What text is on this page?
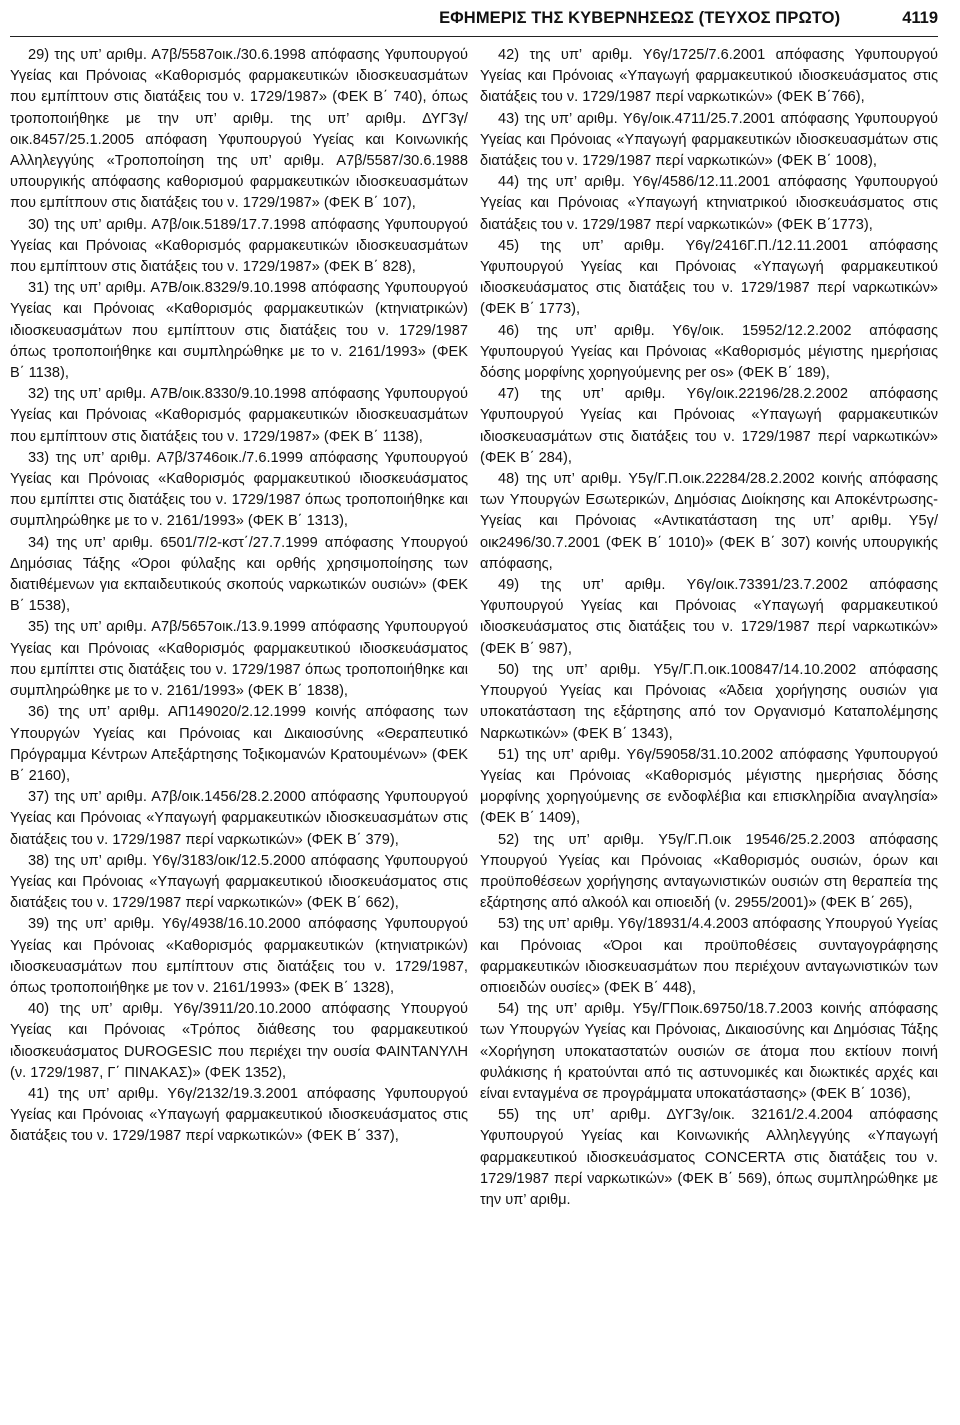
ΕΦΗΜΕΡΙΣ ΤΗΣ ΚΥΒΕΡΝΗΣΕΩΣ (ΤΕΥΧΟΣ ΠΡΩΤΟ)	4119

29) της υπ’ αριθμ. Α7β/5587οικ./30.6.1998 απόφασης Υφυπουργού Υγείας και Πρόνοιας «Καθορισμός φαρμακευτικών ιδιοσκευασμάτων που εμπίπτουν στις διατάξεις του ν. 1729/1987» (ΦΕΚ Β΄ 740), όπως τροποποιήθηκε με την υπ’ αριθμ. της υπ’ αριθμ. ΔΥΓ3γ/οικ.8457/25.1.2005 απόφαση Υφυπουργού Υγείας και Κοινωνικής Αλληλεγγύης «Τροποποίηση της υπ’ αριθμ. Α7β/5587/30.6.1988 υπουργικής απόφασης καθορισμού φαρμακευτικών ιδιοσκευασμάτων που εμπίτπουν στις διατάξεις του ν. 1729/1987» (ΦΕΚ Β΄ 107),

30) της υπ’ αριθμ. Α7β/οικ.5189/17.7.1998 απόφασης Υφυπουργού Υγείας και Πρόνοιας «Καθορισμός φαρμακευτικών ιδιοσκευασμάτων που εμπίπτουν στις διατάξεις του ν. 1729/1987» (ΦΕΚ Β΄ 828),

31) της υπ’ αριθμ. Α7Β/οικ.8329/9.10.1998 απόφασης Υφυπουργού Υγείας και Πρόνοιας «Καθορισμός φαρμακευτικών (κτηνιατρικών) ιδιοσκευασμάτων που εμπίπτουν στις διατάξεις του ν. 1729/1987 όπως τροποποιήθηκε και συμπληρώθηκε με το ν. 2161/1993» (ΦΕΚ Β΄ 1138),

32) της υπ’ αριθμ. Α7Β/οικ.8330/9.10.1998 απόφασης Υφυπουργού Υγείας και Πρόνοιας «Καθορισμός φαρμακευτικών ιδιοσκευασμάτων που εμπίπτουν στις διατάξεις του ν. 1729/1987» (ΦΕΚ Β΄ 1138),

33) της υπ’ αριθμ. Α7β/3746οικ./7.6.1999 απόφασης Υφυπουργού Υγείας και Πρόνοιας «Καθορισμός φαρμακευτικού ιδιοσκευάσματος που εμπίπτει στις διατάξεις του ν. 1729/1987 όπως τροποποιήθηκε και συμπληρώθηκε με το ν. 2161/1993» (ΦΕΚ Β΄ 1313),

34) της υπ’ αριθμ. 6501/7/2-κστ΄/27.7.1999 απόφασης Υπουργού Δημόσιας Τάξης «Όροι φύλαξης και ορθής χρησιμοποίησης των διατιθέμενων για εκπαιδευτικούς σκοπούς ναρκωτικών ουσιών» (ΦΕΚ Β΄ 1538),

35) της υπ’ αριθμ. Α7β/5657οικ./13.9.1999 απόφασης Υφυπουργού Υγείας και Πρόνοιας «Καθορισμός φαρμακευτικού ιδιοσκευάσματος που εμπίπτει στις διατάξεις του ν. 1729/1987 όπως τροποποιήθηκε και συμπληρώθηκε με το ν. 2161/1993» (ΦΕΚ Β΄ 1838),

36) της υπ’ αριθμ. ΑΠ149020/2.12.1999 κοινής απόφασης των Υπουργών Υγείας και Πρόνοιας και Δικαιοσύνης «Θεραπευτικό Πρόγραμμα Κέντρων Απεξάρτησης Τοξικομανών Κρατουμένων» (ΦΕΚ Β΄ 2160),

37) της υπ’ αριθμ. Α7β/οικ.1456/28.2.2000 απόφασης Υφυπουργού Υγείας και Πρόνοιας «Υπαγωγή φαρμακευτικών ιδιοσκευασμάτων στις διατάξεις του ν. 1729/1987 περί ναρκωτικών» (ΦΕΚ Β΄ 379),

38) της υπ’ αριθμ. Υ6γ/3183/οικ/12.5.2000 απόφασης Υφυπουργού Υγείας και Πρόνοιας «Υπαγωγή φαρμακευτικού ιδιοσκευάσματος στις διατάξεις του ν. 1729/1987 περί ναρκωτικών» (ΦΕΚ Β΄ 662),

39) της υπ’ αριθμ. Υ6γ/4938/16.10.2000 απόφασης Υφυπουργού Υγείας και Πρόνοιας «Καθορισμός φαρμακευτικών (κτηνιατρικών) ιδιοσκευασμάτων που εμπίπτουν στις διατάξεις του ν. 1729/1987, όπως τροποποιήθηκε με τον ν. 2161/1993» (ΦΕΚ Β΄ 1328),

40) της υπ’ αριθμ. Υ6γ/3911/20.10.2000 απόφασης Υπουργού Υγείας και Πρόνοιας «Τρόπος διάθεσης του φαρμακευτικού ιδιοσκευάσματος DUROGESIC που περιέχει την ουσία ΦΑΙΝΤΑΝΥΛΗ (ν. 1729/1987, Γ΄ ΠΙΝΑΚΑΣ)» (ΦΕΚ 1352),

41) της υπ’ αριθμ. Υ6γ/2132/19.3.2001 απόφασης Υφυπουργού Υγείας και Πρόνοιας «Υπαγωγή φαρμακευτικού ιδιοσκευάσματος στις διατάξεις του ν. 1729/1987 περί ναρκωτικών» (ΦΕΚ Β΄ 337),

42) της υπ’ αριθμ. Υ6γ/1725/7.6.2001 απόφασης Υφυπουργού Υγείας και Πρόνοιας «Υπαγωγή φαρμακευτικού ιδιοσκευάσματος στις διατάξεις του ν. 1729/1987 περί ναρκωτικών» (ΦΕΚ Β΄766),

43) της υπ’ αριθμ. Υ6γ/οικ.4711/25.7.2001 απόφασης Υφυπουργού Υγείας και Πρόνοιας «Υπαγωγή φαρμακευτικών ιδιοσκευασμάτων στις διατάξεις του ν. 1729/1987 περί ναρκωτικών» (ΦΕΚ Β΄ 1008),

44) της υπ’ αριθμ. Υ6γ/4586/12.11.2001 απόφασης Υφυπουργού Υγείας και Πρόνοιας «Υπαγωγή κτηνιατρικού ιδιοσκευάσματος στις διατάξεις του ν. 1729/1987 περί ναρκωτικών» (ΦΕΚ Β΄1773),

45) της υπ’ αριθμ. Υ6γ/2416Γ.Π./12.11.2001 απόφασης Υφυπουργού Υγείας και Πρόνοιας «Υπαγωγή φαρμακευτικού ιδιοσκευάσματος στις διατάξεις του ν. 1729/1987 περί ναρκωτικών» (ΦΕΚ Β΄ 1773),

46) της υπ’ αριθμ. Υ6γ/οικ. 15952/12.2.2002 απόφασης Υφυπουργού Υγείας και Πρόνοιας «Καθορισμός μέγιστης ημερήσιας δόσης μορφίνης χορηγούμενης per os» (ΦΕΚ Β΄ 189),

47) της υπ’ αριθμ. Υ6γ/οικ.22196/28.2.2002 απόφασης Υφυπουργού Υγείας και Πρόνοιας «Υπαγωγή φαρμακευτικών ιδιοσκευασμάτων στις διατάξεις του ν. 1729/1987 περί ναρκωτικών» (ΦΕΚ Β΄ 284),

48) της υπ’ αριθμ. Υ5γ/Γ.Π.οικ.22284/28.2.2002 κοινής απόφασης των Υπουργών Εσωτερικών, Δημόσιας Διοίκησης και Αποκέντρωσης-Υγείας και Πρόνοιας «Αντικατάσταση της υπ’ αριθμ. Υ5γ/οικ2496/30.7.2001 (ΦΕΚ Β΄ 1010)» (ΦΕΚ Β΄ 307) κοινής υπουργικής απόφασης,

49) της υπ’ αριθμ. Υ6γ/οικ.73391/23.7.2002 απόφασης Υφυπουργού Υγείας και Πρόνοιας «Υπαγωγή φαρμακευτικού ιδιοσκευάσματος στις διατάξεις του ν. 1729/1987 περί ναρκωτικών» (ΦΕΚ Β΄ 987),

50) της υπ’ αριθμ. Υ5γ/Γ.Π.οικ.100847/14.10.2002 απόφασης Υπουργού Υγείας και Πρόνοιας «Άδεια χορήγησης ουσιών για υποκατάσταση της εξάρτησης από τον Οργανισμό Καταπολέμησης Ναρκωτικών» (ΦΕΚ Β΄ 1343),

51) της υπ’ αριθμ. Υ6γ/59058/31.10.2002 απόφασης Υφυπουργού Υγείας και Πρόνοιας «Καθορισμός μέγιστης ημερήσιας δόσης μορφίνης χορηγούμενης σε ενδοφλέβια και επισκληρίδια αναγλησία» (ΦΕΚ Β΄ 1409),

52) της υπ’ αριθμ. Υ5γ/Γ.Π.οικ 19546/25.2.2003 απόφασης Υπουργού Υγείας και Πρόνοιας «Καθορισμός ουσιών, όρων και προϋποθέσεων χορήγησης ανταγωνιστικών ουσιών στη θεραπεία της εξάρτησης από αλκοόλ και οπιοειδή (ν. 2955/2001)» (ΦΕΚ Β΄ 265),

53) της υπ’ αριθμ. Υ6γ/18931/4.4.2003 απόφασης Υπουργού Υγείας και Πρόνοιας «Όροι και προϋποθέσεις συνταγογράφησης φαρμακευτικών ιδιοσκευασμάτων που περιέχουν ανταγωνιστικών των οπιοειδών ουσίες» (ΦΕΚ Β΄ 448),

54) της υπ’ αριθμ. Υ5γ/ΓΠοικ.69750/18.7.2003 κοινής απόφασης των Υπουργών Υγείας και Πρόνοιας, Δικαιοσύνης και Δημόσιας Τάξης «Χορήγηση υποκαταστατών ουσιών σε άτομα που εκτίουν ποινή φυλάκισης ή κρατούνται από τις αστυνομικές και διωκτικές αρχές και είναι ενταγμένα σε προγράμματα υποκατάστασης» (ΦΕΚ Β΄ 1036),

55) της υπ’ αριθμ. ΔΥΓ3γ/οικ. 32161/2.4.2004 απόφασης Υφυπουργού Υγείας και Κοινωνικής Αλληλεγγύης «Υπαγωγή φαρμακευτικού ιδιοσκευάσματος CONCERTA στις διατάξεις του ν. 1729/1987 περί ναρκωτικών» (ΦΕΚ Β΄ 569), όπως συμπληρώθηκε με την υπ’ αριθμ.
